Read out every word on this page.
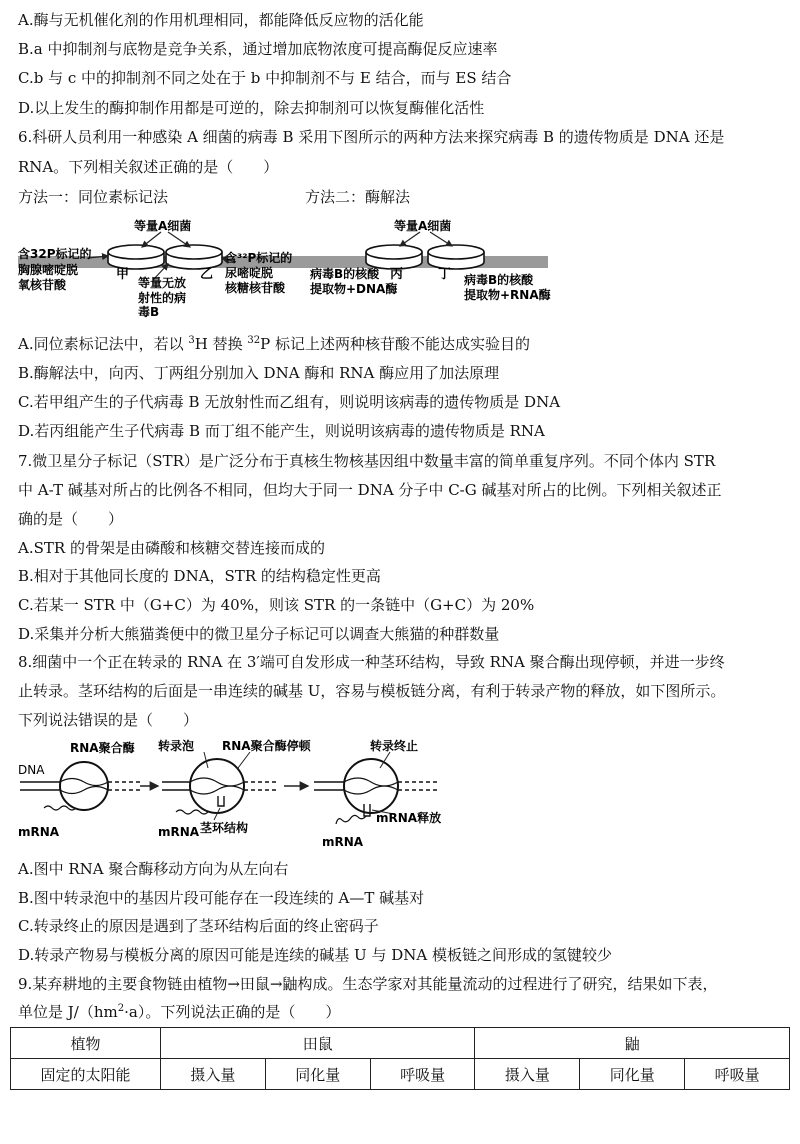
A.酶与无机催化剂的作用机理相同，都能降低反应物的活化能
B.a 中抑制剂与底物是竞争关系，通过增加底物浓度可提高酶促反应速率
C.b 与 c 中的抑制剂不同之处在于 b 中抑制剂不与 E 结合，而与 ES 结合
D.以上发生的酶抑制作用都是可逆的，除去抑制剂可以恢复酶催化活性
6.科研人员利用一种感染 A 细菌的病毒 B 采用下图所示的两种方法来探究病毒 B 的遗传物质是 DNA 还是
RNA。下列相关叙述正确的是（　　）
方法一：同位素标记法	方法二：酶解法
等量A细菌
含32P标记的
胸腺嘧啶脱
氧核苷酸
甲
等量无放
射性的病
毒B
乙
含³²P标记的
尿嘧啶脱
核糖核苷酸
等量A细菌
病毒B的核酸
提取物+DNA酶
丙	丁 病毒B的核酸
提取物+RNA酶
A.同位素标记法中，若以 $^3$H 替换 $^{32}$P 标记上述两种核苷酸不能达成实验目的
B.酶解法中，向丙、丁两组分别加入 DNA 酶和 RNA 酶应用了加法原理
C.若甲组产生的子代病毒 B 无放射性而乙组有，则说明该病毒的遗传物质是 DNA
D.若丙组能产生子代病毒 B 而丁组不能产生，则说明该病毒的遗传物质是 RNA
7.微卫星分子标记（STR）是广泛分布于真核生物核基因组中数量丰富的简单重复序列。不同个体内 STR
中 A-T 碱基对所占的比例各不相同，但均大于同一 DNA 分子中 C-G 碱基对所占的比例。下列相关叙述正
确的是（　　）
A.STR 的骨架是由磷酸和核糖交替连接而成的
B.相对于其他同长度的 DNA，STR 的结构稳定性更高
C.若某一 STR 中（G+C）为 40%，则该 STR 的一条链中（G+C）为 20%
D.采集并分析大熊猫粪便中的微卫星分子标记可以调查大熊猫的种群数量
8.细菌中一个正在转录的 RNA 在 3′端可自发形成一种茎环结构，导致 RNA 聚合酶出现停顿，并进一步终
止转录。茎环结构的后面是一串连续的碱基 U，容易与模板链分离，有利于转录产物的释放，如下图所示。
下列说法错误的是（　　）
DNA
RNA聚合酶
mRNA
转录泡 RNA聚合酶停顿
茎环结构
mRNA
转录终止
mRNA释放
mRNA
A.图中 RNA 聚合酶移动方向为从左向右
B.图中转录泡中的基因片段可能存在一段连续的 A—T 碱基对
C.转录终止的原因是遇到了茎环结构后面的终止密码子
D.转录产物易与模板分离的原因可能是连续的碱基 U 与 DNA 模板链之间形成的氢键较少
9.某弃耕地的主要食物链由植物→田鼠→鼬构成。生态学家对其能量流动的过程进行了研究，结果如下表，
单位是 $J/(hm^2\cdot a)$。下列说法正确的是（　　）
植物	田鼠			鼬		
固定的太阳能	摄入量	同化量	呼吸量	摄入量	同化量	呼吸量
